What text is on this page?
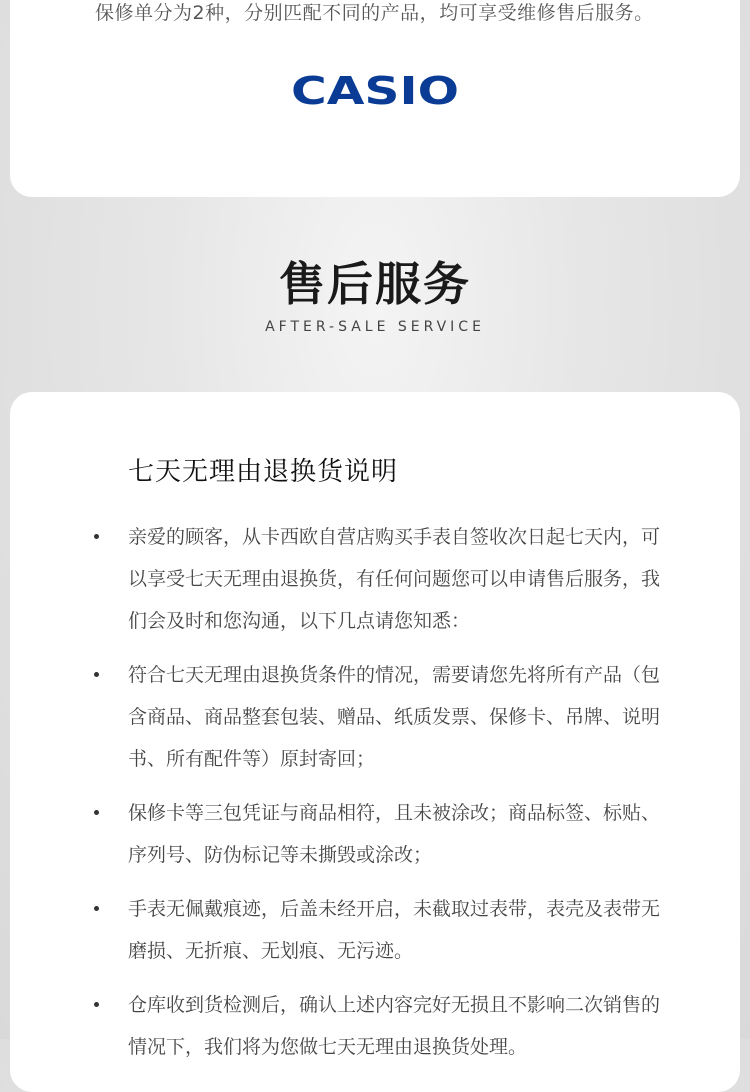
保修单分为2种，分别匹配不同的产品，均可享受维修售后服务。
CASIO
售后服务
AFTER-SALE SERVICE
七天无理由退换货说明
亲爱的顾客，从卡西欧自营店购买手表自签收次日起七天内，可以享受七天无理由退换货，有任何问题您可以申请售后服务，我们会及时和您沟通，以下几点请您知悉：
符合七天无理由退换货条件的情况，需要请您先将所有产品（包含商品、商品整套包装、赠品、纸质发票、保修卡、吊牌、说明书、所有配件等）原封寄回；
保修卡等三包凭证与商品相符，且未被涂改；商品标签、标贴、序列号、防伪标记等未撕毁或涂改；
手表无佩戴痕迹，后盖未经开启，未截取过表带，表壳及表带无磨损、无折痕、无划痕、无污迹。
仓库收到货检测后，确认上述内容完好无损且不影响二次销售的情况下，我们将为您做七天无理由退换货处理。
